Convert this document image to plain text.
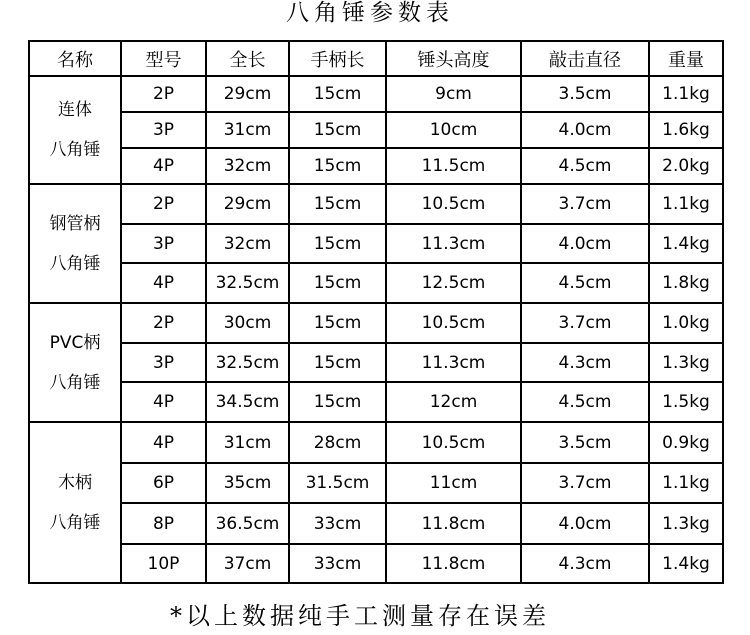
八角锤参数表
名称	型号	全长	手柄长	锤头高度	敲击直径	重量

连体
八角锤	2P	29cm	15cm	9cm	3.5cm	1.1kg
	3P	31cm	15cm	10cm	4.0cm	1.6kg
	4P	32cm	15cm	11.5cm	4.5cm	2.0kg

钢管柄
八角锤	2P	29cm	15cm	10.5cm	3.7cm	1.1kg
	3P	32cm	15cm	11.3cm	4.0cm	1.4kg
	4P	32.5cm	15cm	12.5cm	4.5cm	1.8kg

PVC柄
八角锤	2P	30cm	15cm	10.5cm	3.7cm	1.0kg
	3P	32.5cm	15cm	11.3cm	4.3cm	1.3kg
	4P	34.5cm	15cm	12cm	4.5cm	1.5kg

木柄
八角锤	4P	31cm	28cm	10.5cm	3.5cm	0.9kg
	6P	35cm	31.5cm	11cm	3.7cm	1.1kg
	8P	36.5cm	33cm	11.8cm	4.0cm	1.3kg
	10P	37cm	33cm	11.8cm	4.3cm	1.4kg
*以上数据纯手工测量存在误差
